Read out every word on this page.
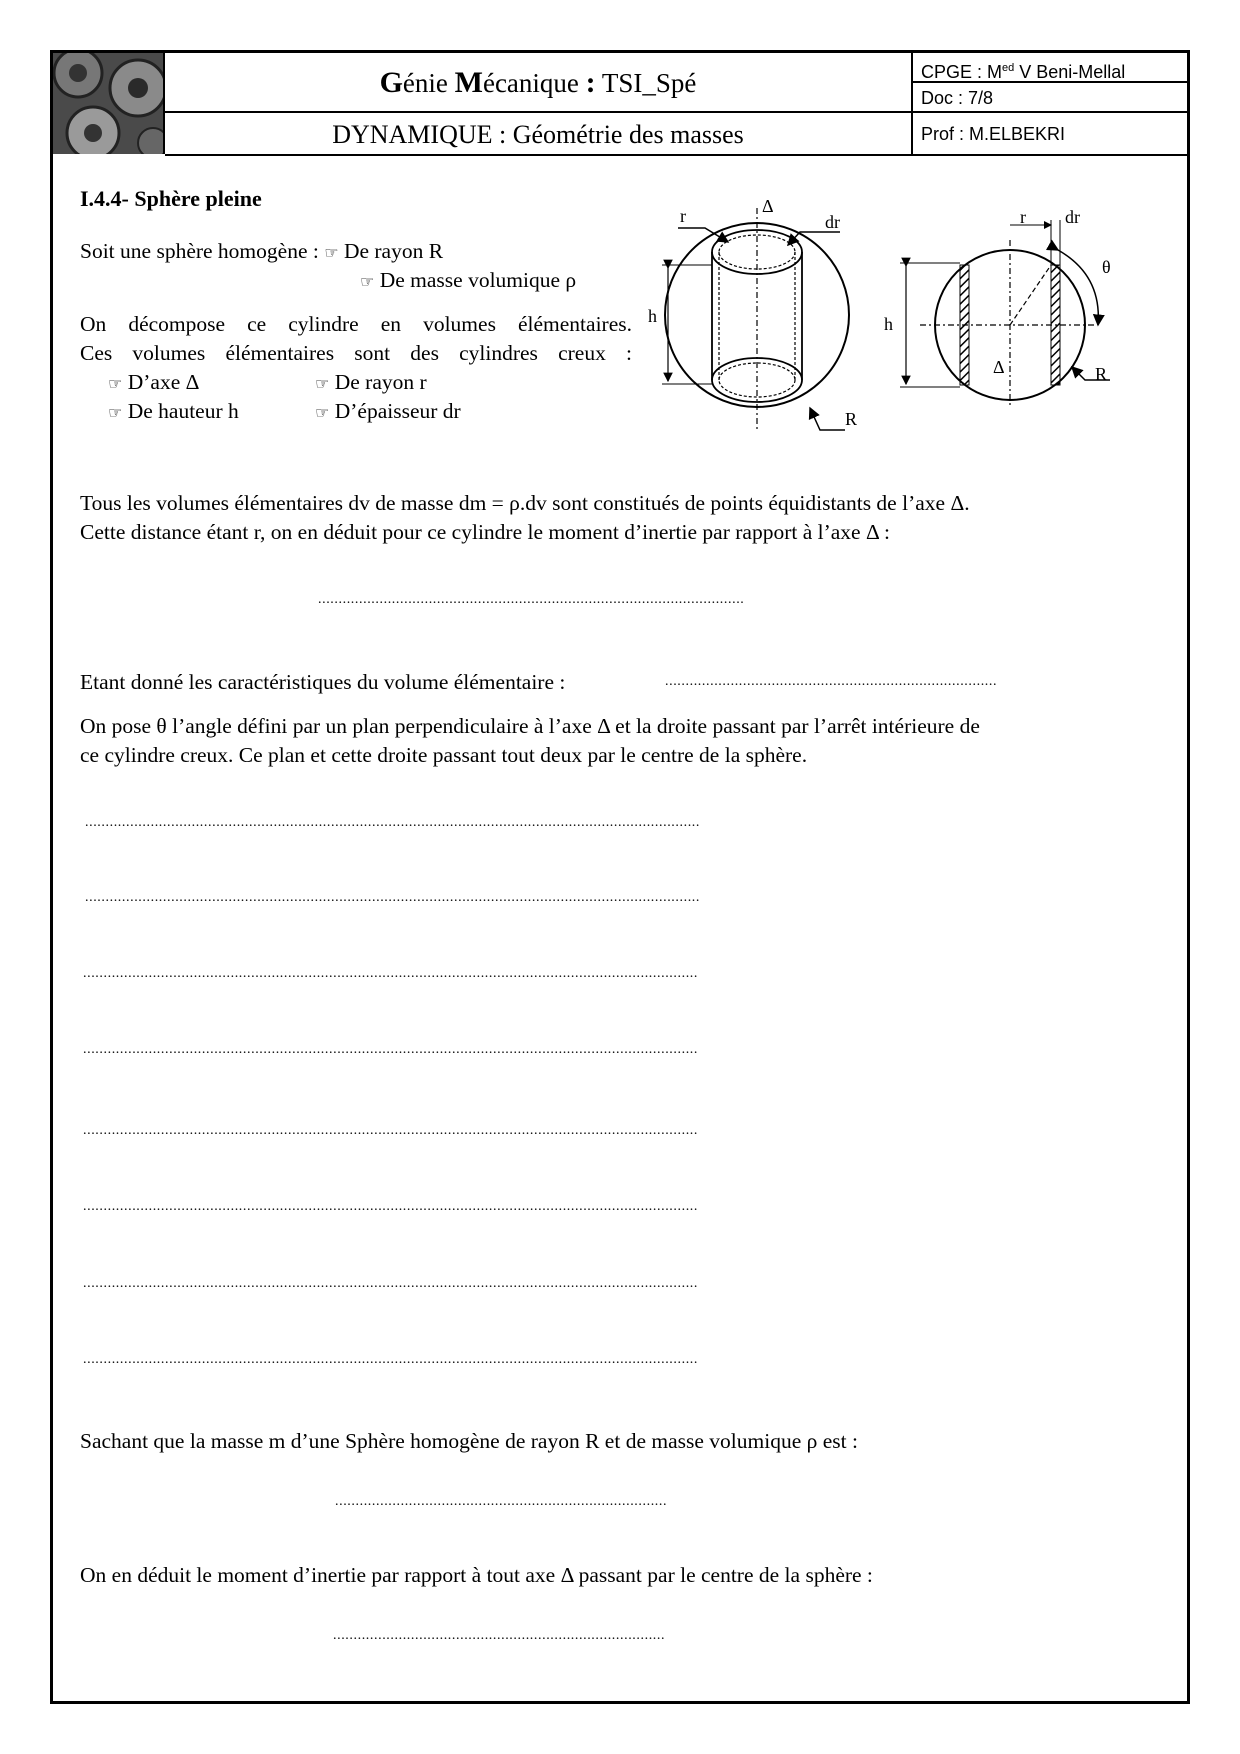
Génie Mécanique : TSI_Spé
DYNAMIQUE : Géométrie des masses
CPGE : $M^{ed}$ V Beni-Mellal
Doc : 7/8
Prof : M.ELBEKRI
I.4.4- Sphère pleine
Soit une sphère homogène : ☞ De rayon R
☞ De masse volumique ρ
On décompose ce cylindre en volumes élémentaires.
Ces volumes élémentaires sont des cylindres creux :
☞ D’axe Δ	☞ De rayon r
☞ De hauteur h	☞ D’épaisseur dr
r	Δ
dr
h
R
r dr
θ
h
Δ	R
Tous les volumes élémentaires dv de masse dm = ρ.dv sont constitués de points équidistants de l’axe Δ.
Cette distance étant r, on en déduit pour ce cylindre le moment d’inertie par rapport à l’axe Δ :
........................................................................................................
Etant donné les caractéristiques du volume élémentaire :	.................................................................................
On pose θ l’angle défini par un plan perpendiculaire à l’axe Δ et la droite passant par l’arrêt intérieure de
ce cylindre creux. Ce plan et cette droite passant tout deux par le centre de la sphère.
......................................................................................................................................................
......................................................................................................................................................
......................................................................................................................................................
......................................................................................................................................................
......................................................................................................................................................
......................................................................................................................................................
......................................................................................................................................................
......................................................................................................................................................
Sachant que la masse m d’une Sphère homogène de rayon R et de masse volumique ρ est :
.................................................................................
On en déduit le moment d’inertie par rapport à tout axe Δ passant par le centre de la sphère :
.................................................................................
